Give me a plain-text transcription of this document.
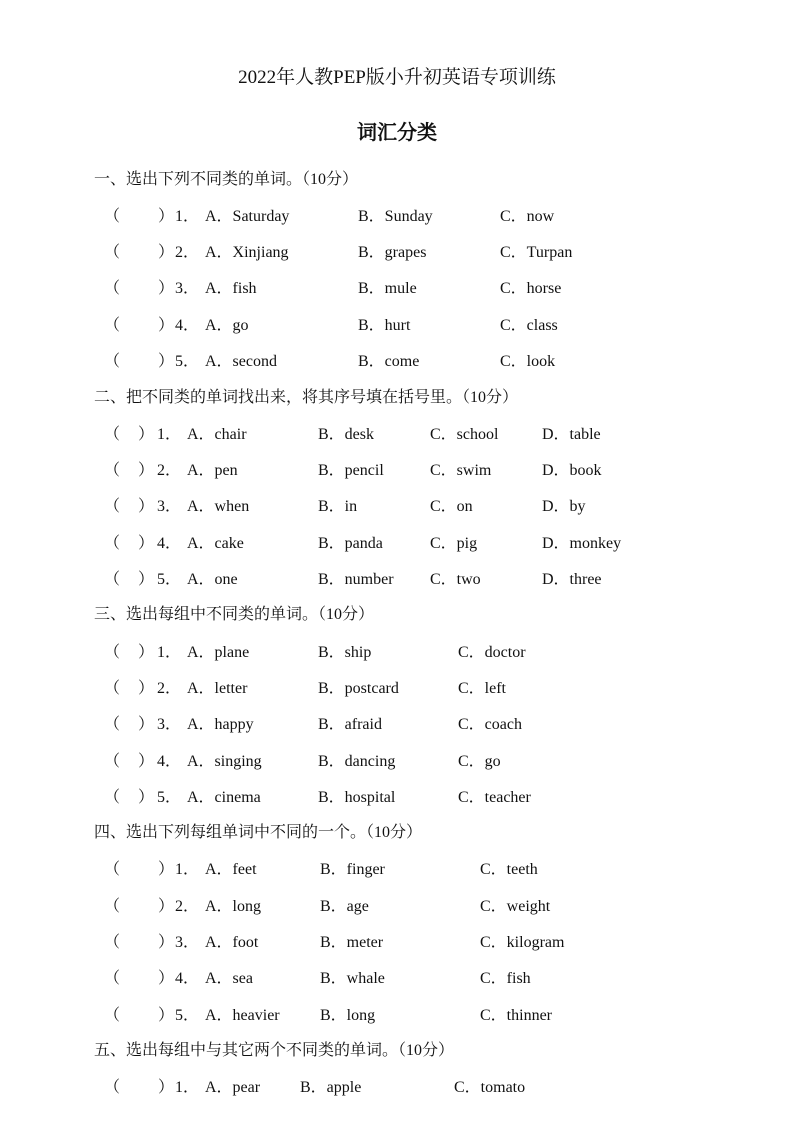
2022年人教PEP版小升初英语专项训练
词汇分类
一、选出下列不同类的单词。（10分）
（ ） 1． A．Saturday	B．Sunday	C．now
（ ） 2． A．Xinjiang	B．grapes	C．Turpan
（ ） 3． A．fish	B．mule	C．horse
（ ） 4． A．go	B．hurt	C．class
（ ） 5． A．second	B．come	C．look
二、把不同类的单词找出来，将其序号填在括号里。（10分）
（ ） 1． A．chair	B．desk	C．school	D．table
（ ） 2． A．pen	B．pencil	C．swim	D．book
（ ） 3． A．when	B．in	C．on	D．by
（ ） 4． A．cake	B．panda	C．pig	D．monkey
（ ） 5． A．one	B．number C．two	D．three
三、选出每组中不同类的单词。（10分）
（ ） 1． A．plane	B．ship	C．doctor
（ ） 2． A．letter	B．postcard	C．left
（ ） 3． A．happy	B．afraid	C．coach
（ ） 4． A．singing	B．dancing	C．go
（ ） 5． A．cinema	B．hospital	C．teacher
四、选出下列每组单词中不同的一个。（10分）
（ ） 1． A．feet	B．finger	C．teeth
（ ） 2． A．long	B．age	C．weight
（ ） 3． A．foot	B．meter	C．kilogram
（ ） 4． A．sea	B．whale	C．fish
（ ） 5． A．heavier	B．long	C．thinner
五、选出每组中与其它两个不同类的单词。（10分）
（ ） 1． A．pear B．apple	C．tomato
